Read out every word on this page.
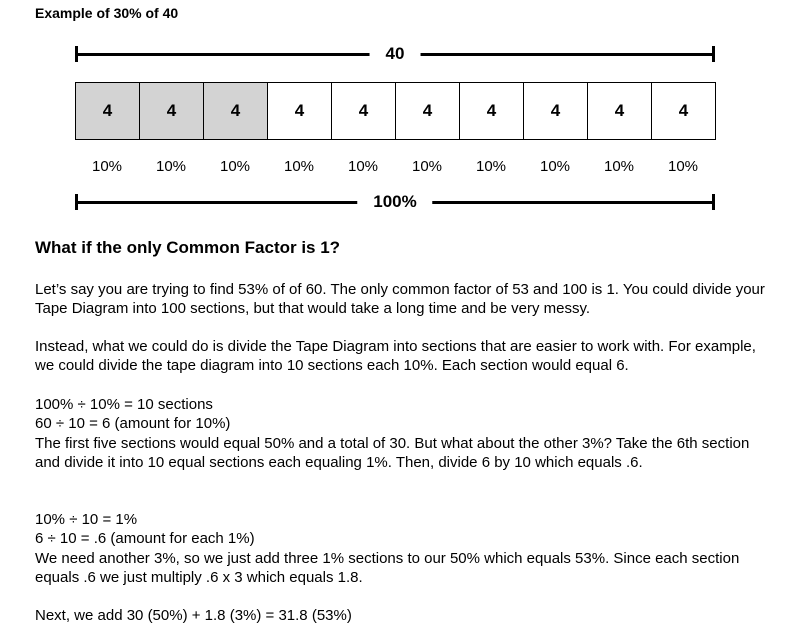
Example of 30% of 40
40
4	4	4	4	4	4	4	4	4	4
10%	10%	10%	10%	10%	10%	10%	10%	10%	10%
100%
What if the only Common Factor is 1?
Let’s say you are trying to find 53% of of 60. The only common factor of 53 and 100 is 1. You could divide your Tape Diagram into 100 sections, but that would take a long time and be very messy.
Instead, what we could do is divide the Tape Diagram into sections that are easier to work with. For example, we could divide the tape diagram into 10 sections each 10%. Each section would equal 6.
100% ÷ 10% = 10 sections
60 ÷ 10 = 6 (amount for 10%)
The first five sections would equal 50% and a total of 30. But what about the other 3%? Take the 6th section and divide it into 10 equal sections each equaling 1%. Then, divide 6 by 10 which equals .6.
10% ÷ 10 = 1%
6 ÷ 10 = .6 (amount for each 1%)
We need another 3%, so we just add three 1% sections to our 50% which equals 53%. Since each section equals .6 we just multiply .6 x 3 which equals 1.8.
Next, we add 30 (50%) + 1.8 (3%) = 31.8 (53%)
